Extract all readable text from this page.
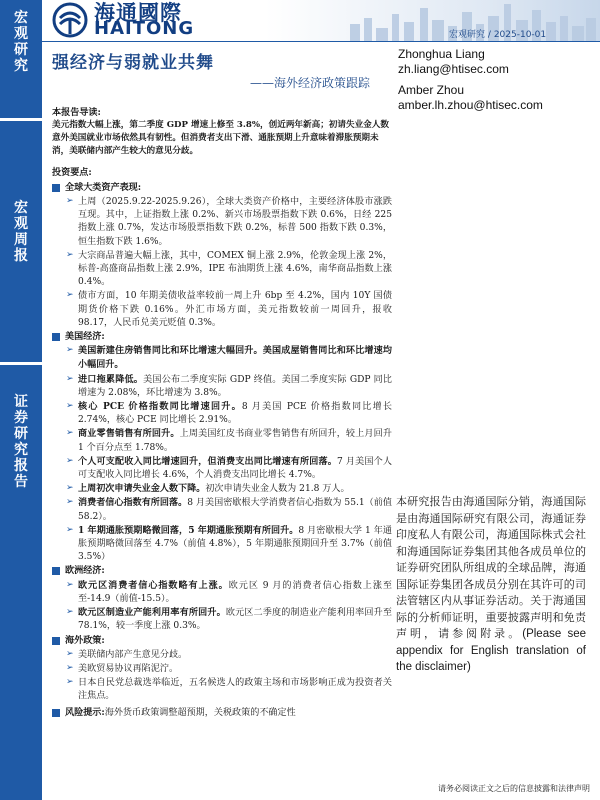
宏
观
研
究
宏
观
周
报
证
券
研
究
报
告
海通國際
HAITONG	宏观研究 / 2025-10-01
强经济与弱就业共舞
——海外经济政策跟踪
Zhonghua Liang
zh.liang@htisec.com
Amber Zhou
amber.lh.zhou@htisec.com
本报告导读:
美元指数大幅上涨，第二季度 GDP 增速上修至 3.8%，创近两年新高；初请失业金人数意外美国就业市场依然具有韧性。但消费者支出下滑、通胀预期上升意味着滞胀预期未消，美联储内部产生较大的意见分歧。
投资要点:
全球大类资产表现:
➢ 上周（2025.9.22-2025.9.26），全球大类资产价格中，主要经济体股市涨跌互现。其中，上证指数上涨 0.2%、新兴市场股票指数下跌 0.6%，日经 225 指数上涨 0.7%，发达市场股票指数下跌 0.2%，标普 500 指数下跌 0.3%，恒生指数下跌 1.6%。
➢ 大宗商品普遍大幅上涨，其中，COMEX 铜上涨 2.9%，伦敦金现上涨 2%，标普-高盛商品指数上涨 2.9%，IPE 布油期货上涨 4.6%，南华商品指数上涨 0.4%。
➢ 债市方面，10 年期美债收益率较前一周上升 6bp 至 4.2%，国内 10Y 国债期货价格下跌 0.16%。外汇市场方面，美元指数较前一周回升，报收 98.17，人民币兑美元贬值 0.3%。
美国经济:
➢ 美国新建住房销售同比和环比增速大幅回升。美国成屋销售同比和环比增速均小幅回升。
➢ 进口拖累降低。美国公布二季度实际 GDP 终值。美国二季度实际 GDP 同比增速为 2.08%，环比增速为 3.8%。
➢ 核心 PCE 价格指数同比增速回升。8 月美国 PCE 价格指数同比增长 2.74%，核心 PCE 同比增长 2.91%。
➢ 商业零售销售有所回升。上周美国红皮书商业零售销售有所回升，较上月回升 1 个百分点至 1.78%。
➢ 个人可支配收入同比增速回升，但消费支出同比增速有所回落。7 月美国个人可支配收入同比增长 4.6%，个人消费支出同比增长 4.7%。
➢ 上周初次申请失业金人数下降。初次申请失业金人数为 21.8 万人。
➢ 消费者信心指数有所回落。8 月美国密歇根大学消费者信心指数为 55.1（前值 58.2）。
➢ 1 年期通胀预期略微回落，5 年期通胀预期有所回升。8 月密歇根大学 1 年通胀预期略微回落至 4.7%（前值 4.8%），5 年期通胀预期回升至 3.7%（前值 3.5%）
欧洲经济:
➢ 欧元区消费者信心指数略有上涨。欧元区 9 月的消费者信心指数上涨至至-14.9（前值-15.5）。
➢ 欧元区制造业产能利用率有所回升。欧元区二季度的制造业产能利用率回升至 78.1%，较一季度上涨 0.3%。
海外政策:
➢ 美联储内部产生意见分歧。
➢ 美欧贸易协议再陷泥泞。
➢ 日本自民党总裁选举临近，五名候选人的政策主场和市场影响正成为投资者关注焦点。
风险提示:海外货币政策调整超预期，关税政策的不确定性
本研究报告由海通国际分销，海通国际是由海通国际研究有限公司，海通证券印度私人有限公司，海通国际株式会社和海通国际证券集团其他各成员单位的证券研究团队所组成的全球品牌，海通国际证券集团各成员分别在其许可的司法管辖区内从事证券活动。关于海通国际的分析师证明，重要披露声明和免责声明，请参阅附录。(Please see appendix for English translation of the disclaimer)
请务必阅读正文之后的信息披露和法律声明
